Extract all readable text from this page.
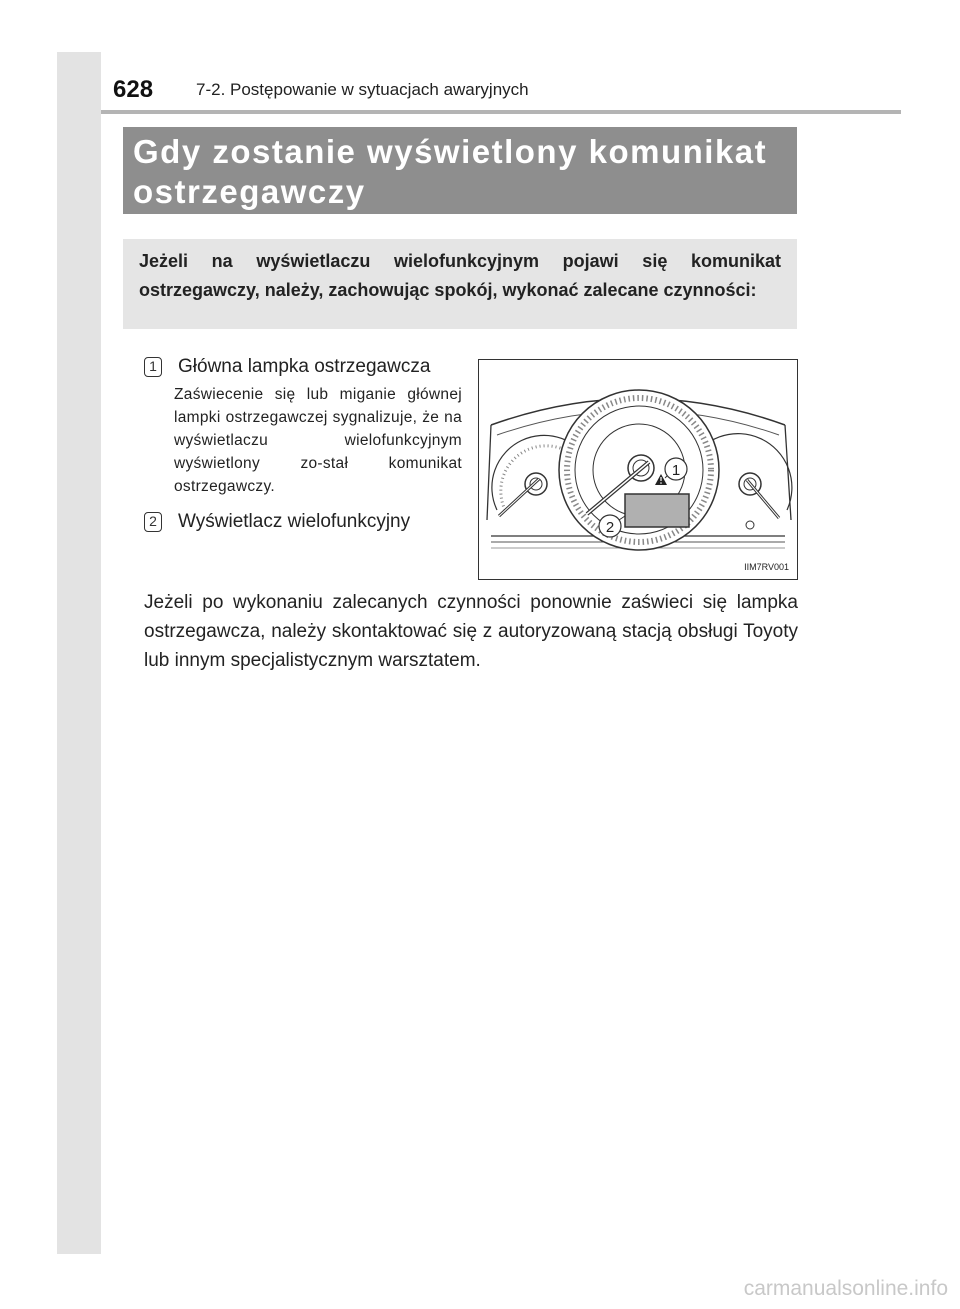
628	7-2. Postępowanie w sytuacjach awaryjnych
Gdy zostanie wyświetlony komunikat ostrzegawczy
Jeżeli na wyświetlaczu wielofunkcyjnym pojawi się komunikat ostrzegawczy, należy, zachowując spokój, wykonać zalecane czynności:
1 Główna lampka ostrzegawcza
Zaświecenie się lub miganie głównej lampki ostrzegawczej sygnalizuje, że na wyświetlaczu wielofunkcyjnym wyświetlony zo-stał komunikat ostrzegawczy.
2 Wyświetlacz wielofunkcyjny
1
2
IIM7RV001
Jeżeli po wykonaniu zalecanych czynności ponownie zaświeci się lampka ostrzegawcza, należy skontaktować się z autoryzowaną stacją obsługi Toyoty lub innym specjalistycznym warsztatem.
carmanualsonline.info
